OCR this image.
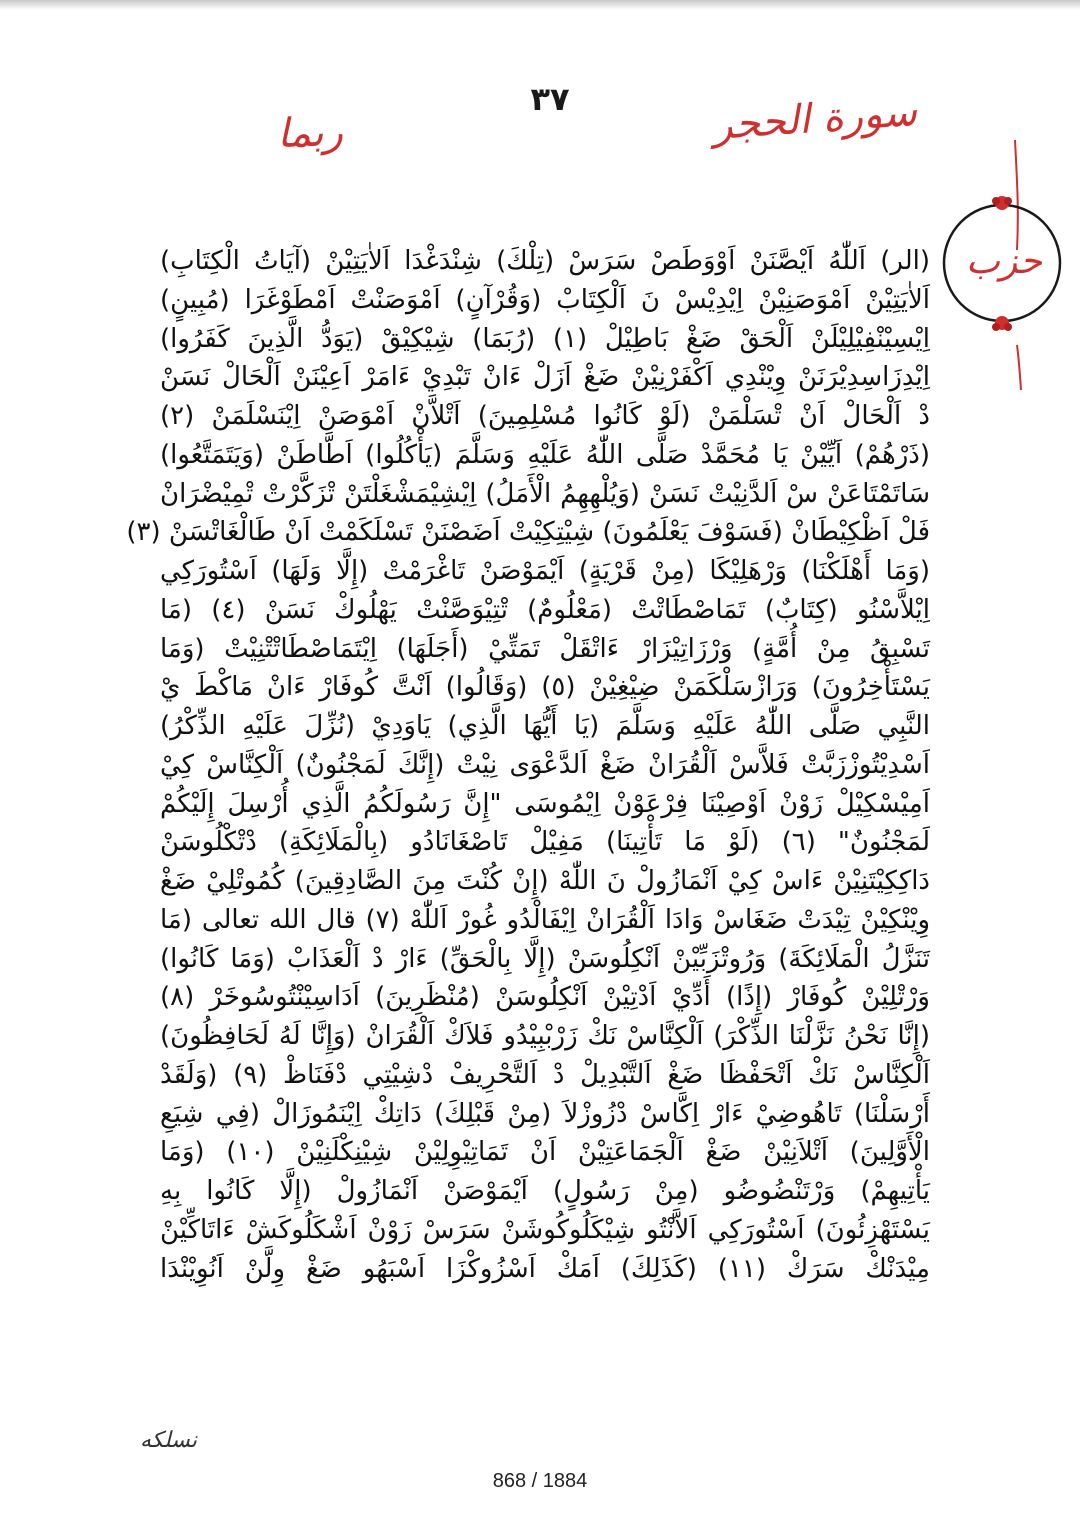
٣٧	سورة الحجر
ربما
حزب
(الر) اَللّٰهُ اَيْصَّنَنْ اَوْوَطَصْ سَرَسْ (تِلْكَ) شِنْدَغْدَا اَلاٰيَتِيْنْ (آيَاتُ الْكِتَابِ)
اَلاٰيَتِيْنْ اَمْوَصَنِيْنْ اِيْدِيْسْ نَ اَلْكِتَابْ (وَقُرْآنٍ) اَمْوَصَنْتْ اَمْطَوْغَرَا (مُبِينٍ)
اِيْسِيْنْفِيْلِيْلَنْ اَلْحَقْ ضَغْ بَاطِيْلْ (١) (رُبَمَا) شِيْكِيْقْ (يَوَدُّ الَّذِينَ كَفَرُوا)
اِيْدِزَاسِدِيْرَنَنْ وِيْنْدِي اَكْفَرْنِيْنْ ضَغْ اَزَلْ ءَانْ تَبْدِيْ ءَامَرْ اَعِيْنَنْ اَلْحَالْ نَسَنْ
دْ اَلْحَالْ اَنْ تْسَلْمَنْ (لَوْ كَانُوا مُسْلِمِينَ) اَتْلاَّنْ اَمْوَصَنْ اِيْنَسْلَمَنْ (٢)
(ذَرْهُمْ) اَيِّيْنْ يَا مُحَمَّدْ صَلَّى اللّٰهُ عَلَيْهِ وَسَلَّمَ (يَأْكُلُوا) اَطَّاطَنْ (وَيَتَمَتَّعُوا)
سَاتَمْتَاعَنْ سْ اَلدَّنِيْتْ نَسَنْ (وَيُلْهِهِمُ الْأَمَلُ) اِيْشِيْمَشْغَلْتَنْ تْزَكَّرْتْ تْمِيْضْرَانْ
فَلْ اَظْكِيْطَانْ (فَسَوْفَ يَعْلَمُونَ) شِيْتِكِيْتْ اَضَصْنَنْ تَسْلَكَمْتْ اَنْ طَالْغَاتْسَنْ (٣)
(وَمَا أَهْلَكْنَا) وَرْهَلِيْكَا (مِنْ قَرْيَةٍ) اَيْمَوْصَنْ تَاغْرَمْتْ (إِلَّا وَلَهَا) اَسْتُورَكِي
اِيْلاَّسْنُو (كِتَابٌ) تَمَاصْطَاتْتْ (مَعْلُومٌ) تْتِيْوَصَّنْتْ يَهْلُوكْ نَسَنْ (٤) (مَا
تَسْبِقُ مِنْ أُمَّةٍ) وَرْزَاتِيْزَارْ ءَاتْقَلْ تَمَتِّيْ (أَجَلَهَا) اِيْتَمَاصْطَاتْتْنِيْتْ (وَمَا
يَسْتَأْخِرُونَ) وَرَازْسَلْكَمَنْ ضِيْغِيْنْ (٥) (وَقَالُوا) اَنْتَّ كُوفَارْ ءَانْ مَاكْطَ يْ
النَّبِي صَلَّى اللّٰهُ عَلَيْهِ وَسَلَّمَ (يَا أَيُّهَا الَّذِي) يَاوَدِيْ (نُزِّلَ عَلَيْهِ الذِّكْرُ)
اَسْدِيْتُوزْزَبَّتْ فَلاَّسْ اَلْقُرَانْ ضَغْ اَلدَّعْوَى نِيْتْ (إِنَّكَ لَمَجْنُونٌ) اَلْكِنَّاسْ كِيْ
اَمِيْسْكِيْلْ زَوْنْ اَوْصِيْنَا فِرْعَوْنْ اِيْمُوسَى "إِنَّ رَسُولَكُمُ الَّذِي أُرْسِلَ إِلَيْكُمْ
لَمَجْنُونٌ" (٦) (لَوْ مَا تَأْتِينَا) مَفِيْلْ تَاصْغَانَادُو (بِالْمَلَائِكَةِ) دْتْكْلُوسَنْ
دَاكِكِيْتَنِيْنْ ءَاسْ كِيْ اَنْمَازُولْ نَ اللّٰهْ (إِنْ كُنْتَ مِنَ الصَّادِقِينَ) كُمُوتْلِيْ ضَغْ
وِيْنْكِيْنْ تِيْدَتْ ضَغَاسْ وَادَا اَلْقُرَانْ اِيْفَالْدُو غُورْ اَللّٰهْ (٧) قال الله تعالى (مَا
تَنَزَّلُ الْمَلَائِكَةَ) وَرُوتْزَبِّيْنْ اَنْكِلُوسَنْ (إِلَّا بِالْحَقِّ) ءَارْ دْ اَلْعَذَابْ (وَمَا كَانُوا)
وَرْتْلِيْنْ كُوفَارْ (إِذًا) أَدِّيْ اَدْتِيْنْ اَنْكِلُوسَنْ (مُنْظَرِينَ) اَدَاسِيْنْتُوسُوخَرْ (٨)
(إِنَّا نَحْنُ نَزَّلْنَا الذِّكْرَ) اَلْكِنَّاسْ نَكْ زَرْبْبِيْدُو فَلاَكْ اَلْقُرَانْ (وَإِنَّا لَهُ لَحَافِظُونَ)
اَلْكِنَّاسْ نَكْ اَتْحَفْظَا ضَغْ اَلتَّبْدِيلْ دْ اَلتَّحْرِيفْ دْشِيْتِي دْفَنَاظْ (٩) (وَلَقَدْ
أَرْسَلْنَا) تَاهُوضِيْ ءَارْ اِكَّاسْ دْزُوزْلاَ (مِنْ قَبْلِكَ) دَاتِكْ اِيْنَمُوزَالْ (فِي شِيَعِ
الْأَوَّلِينَ) اَتْلاَنِيْنْ ضَغْ اَلْجَمَاعَتِيْنْ اَنْ تَمَاتِيْوِلِيْنْ شِيْنِكْلَنِيْنْ (١٠) (وَمَا
يَأْتِيهِمْ) وَرْتَنْضُوضُو (مِنْ رَسُولٍ) اَيْمَوْصَنْ اَنْمَازُولْ (إِلَّا كَانُوا بِهِ
يَسْتَهْزِئُونَ) اَسْتُورَكِي اَلاَّنْتُو شِيْكَلُوكُوشَنْ سَرَسْ زَوْنْ اَشْكَلُوكَشْ ءَاتَاكِّيْنْ
مِيْدَنْكْ سَرَكْ (١١) (كَذَلِكَ) اَمَكْ اَسْزُوكْزَا اَسْبَهُو ضَغْ وِلَّنْ اَنُوِيْنْدَا
نسلكه
868 / 1884
